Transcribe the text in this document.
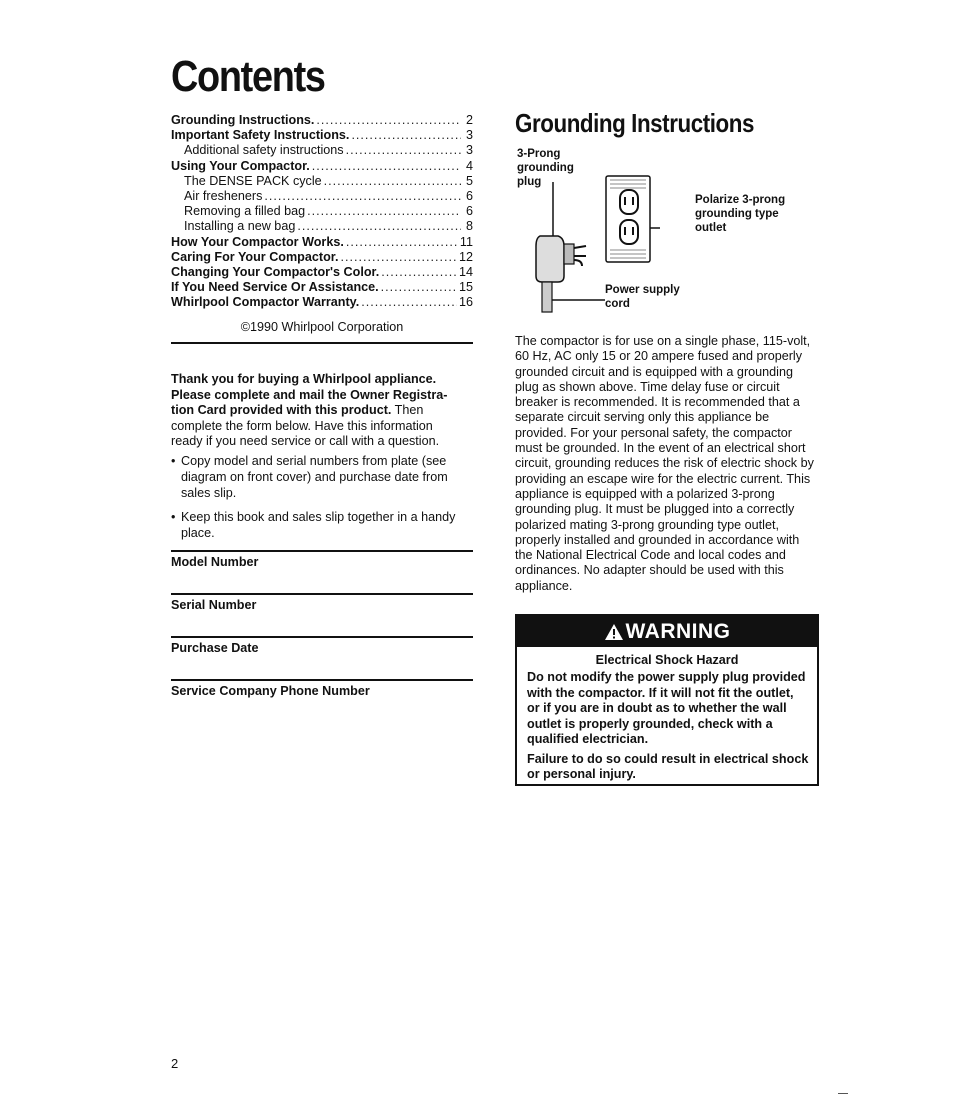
Contents
Grounding Instructions. .....	2
Important Safety Instructions. .....	3
Additional safety instructions .....	3
Using Your Compactor. .....	4
The DENSE PACK cycle .....	5
Air fresheners .....	6
Removing a filled bag .....	6
Installing a new bag .....	8
How Your Compactor Works. .....	11
Caring For Your Compactor. .....	12
Changing Your Compactor's Color. .....	14
If You Need Service Or Assistance. .....	15
Whirlpool Compactor Warranty. .....	16
©1990 Whirlpool Corporation
Thank you for buying a Whirlpool appliance.
Please complete and mail the Owner Registra-
tion Card provided with this product. Then
complete the form below. Have this information
ready if you need service or call with a question.
• Copy model and serial numbers from plate (see diagram on front cover) and purchase date from sales slip.
• Keep this book and sales slip together in a handy place.
Model Number
Serial Number
Purchase Date
Service Company Phone Number
Grounding Instructions
3-Prong
grounding
plug
Polarize 3-prong
grounding type
outlet
Power supply
cord
The compactor is for use on a single phase, 115-volt, 60 Hz, AC only 15 or 20 ampere fused and properly grounded circuit and is equipped with a grounding plug as shown above. Time delay fuse or circuit breaker is recommended. It is recommended that a separate circuit serving only this appliance be provided. For your personal safety, the compactor must be grounded. In the event of an electrical short circuit, grounding reduces the risk of electric shock by providing an escape wire for the electric current. This appliance is equipped with a polarized 3-prong grounding plug. It must be plugged into a correctly polarized mating 3-prong grounding type outlet, properly installed and grounded in accordance with the National Electrical Code and local codes and ordinances. No adapter should be used with this appliance.
WARNING
Electrical Shock Hazard
Do not modify the power supply plug provided with the compactor. If it will not fit the outlet, or if you are in doubt as to whether the wall outlet is properly grounded, check with a qualified electrician.
Failure to do so could result in electrical shock or personal injury.
2
